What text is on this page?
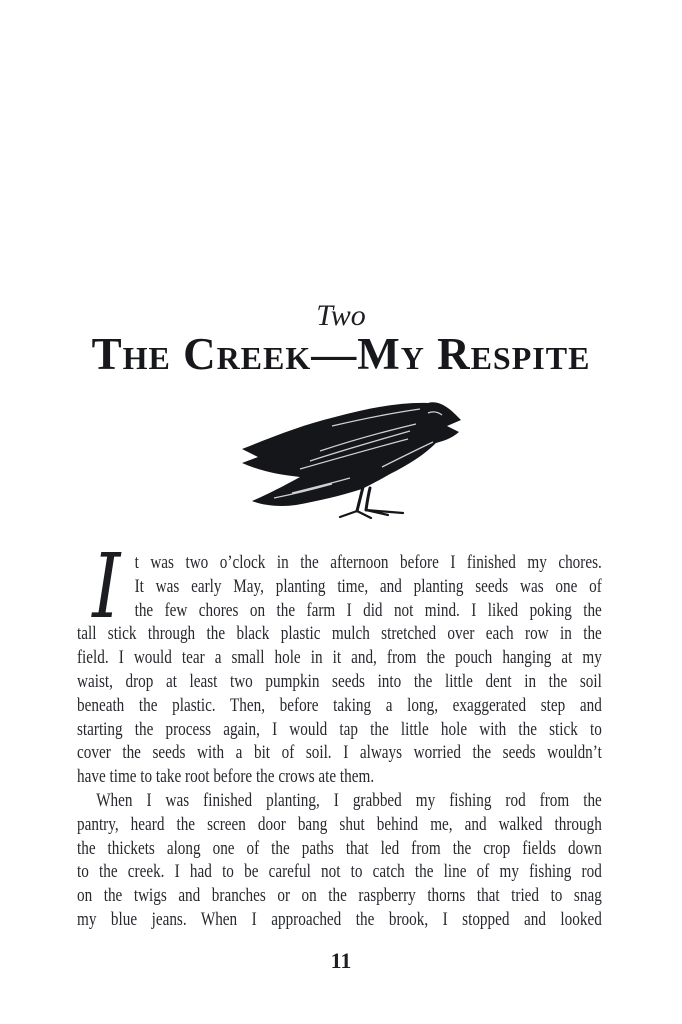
Two
The Creek—My Respite
I t was two o’clock in the afternoon before I finished my chores.
It was early May, planting time, and planting seeds was one of
the few chores on the farm I did not mind. I liked poking the
tall stick through the black plastic mulch stretched over each row in the
field. I would tear a small hole in it and, from the pouch hanging at my
waist, drop at least two pumpkin seeds into the little dent in the soil
beneath the plastic. Then, before taking a long, exaggerated step and
starting the process again, I would tap the little hole with the stick to
cover the seeds with a bit of soil. I always worried the seeds wouldn’t
have time to take root before the crows ate them.
When I was finished planting, I grabbed my fishing rod from the
pantry, heard the screen door bang shut behind me, and walked through
the thickets along one of the paths that led from the crop fields down
to the creek. I had to be careful not to catch the line of my fishing rod
on the twigs and branches or on the raspberry thorns that tried to snag
my blue jeans. When I approached the brook, I stopped and looked
11
